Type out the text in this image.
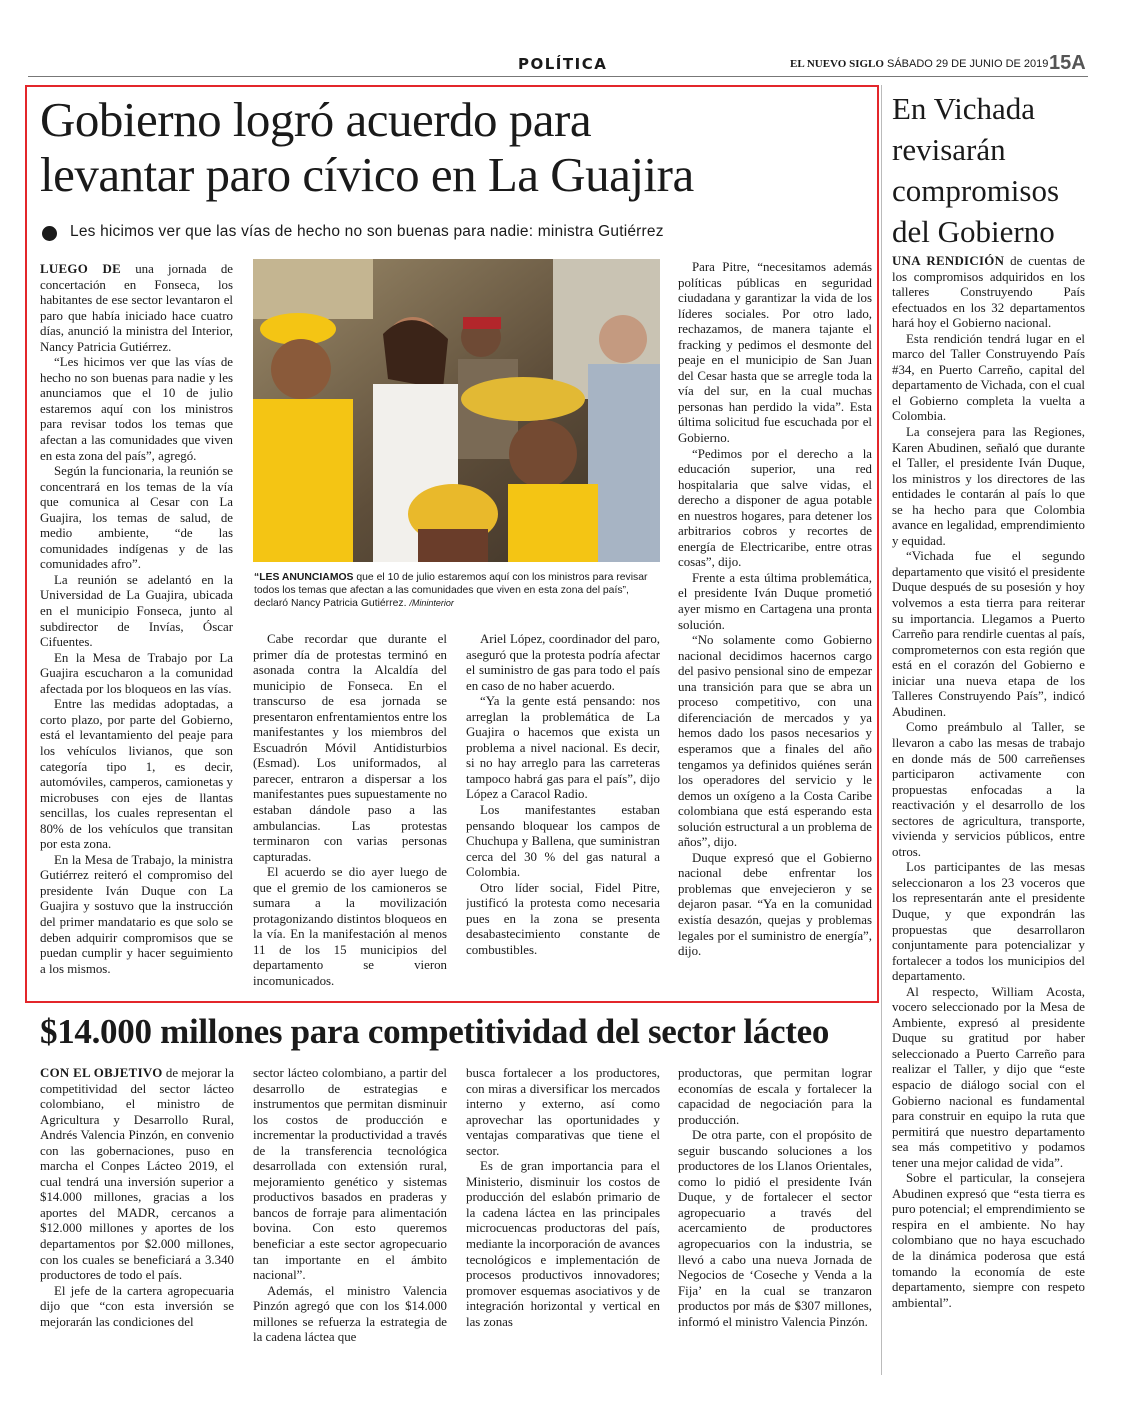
POLÍTICA	EL NUEVO SIGLO SÁBADO 29 DE JUNIO DE 2019 15A
Gobierno logró acuerdo para
levantar paro cívico en La Guajira
Les hicimos ver que las vías de hecho no son buenas para nadie: ministra Gutiérrez

LUEGO DE una jornada de concertación en Fonseca, los habitantes de ese sector levantaron el paro que había iniciado hace cuatro días, anunció la ministra del Interior, Nancy Patricia Gutiérrez.

“Les hicimos ver que las vías de hecho no son buenas para nadie y les anunciamos que el 10 de julio estaremos aquí con los ministros para revisar todos los temas que afectan a las comunidades que viven en esta zona del país”, agregó.

Según la funcionaria, la reunión se concentrará en los temas de la vía que comunica al Cesar con La Guajira, los temas de salud, de medio ambiente, “de las comunidades indígenas y de las comunidades afro”.

La reunión se adelantó en la Universidad de La Guajira, ubicada en el municipio Fonseca, junto al subdirector de Invías, Óscar Cifuentes.

En la Mesa de Trabajo por La Guajira escucharon a la comunidad afectada por los bloqueos en las vías.

Entre las medidas adoptadas, a corto plazo, por parte del Gobierno, está el levantamiento del peaje para los vehículos livianos, que son categoría tipo 1, es decir, automóviles, camperos, camionetas y microbuses con ejes de llantas sencillas, los cuales representan el 80% de los vehículos que transitan por esta zona.

En la Mesa de Trabajo, la ministra Gutiérrez reiteró el compromiso del presidente Iván Duque con La Guajira y sostuvo que la instrucción del primer mandatario es que solo se deben adquirir compromisos que se puedan cumplir y hacer seguimiento a los mismos.

“LES ANUNCIAMOS que el 10 de julio estaremos aquí con los ministros para revisar todos los temas que afectan a las comunidades que viven en esta zona del país”, declaró Nancy Patricia Gutiérrez. /Mininterior

Cabe recordar que durante el primer día de protestas terminó en asonada contra la Alcaldía del municipio de Fonseca. En el transcurso de esa jornada se presentaron enfrentamientos entre los manifestantes y los miembros del Escuadrón Móvil Antidisturbios (Esmad). Los uniformados, al parecer, entraron a dispersar a los manifestantes pues supuestamente no estaban dándole paso a las ambulancias. Las protestas terminaron con varias personas capturadas.

El acuerdo se dio ayer luego de que el gremio de los camioneros se sumara a la movilización protagonizando distintos bloqueos en la vía. En la manifestación al menos 11 de los 15 municipios del departamento se vieron incomunicados.

Ariel López, coordinador del paro, aseguró que la protesta podría afectar el suministro de gas para todo el país en caso de no haber acuerdo.

“Ya la gente está pensando: nos arreglan la problemática de La Guajira o hacemos que exista un problema a nivel nacional. Es decir, si no hay arreglo para las carreteras tampoco habrá gas para el país”, dijo López a Caracol Radio.

Los manifestantes estaban pensando bloquear los campos de Chuchupa y Ballena, que suministran cerca del 30 % del gas natural a Colombia.

Otro líder social, Fidel Pitre, justificó la protesta como necesaria pues en la zona se presenta desabastecimiento constante de combustibles.

Para Pitre, “necesitamos además políticas públicas en seguridad ciudadana y garantizar la vida de los líderes sociales. Por otro lado, rechazamos, de manera tajante el fracking y pedimos el desmonte del peaje en el municipio de San Juan del Cesar hasta que se arregle toda la vía del sur, en la cual muchas personas han perdido la vida”. Esta última solicitud fue escuchada por el Gobierno.

“Pedimos por el derecho a la educación superior, una red hospitalaria que salve vidas, el derecho a disponer de agua potable en nuestros hogares, para detener los arbitrarios cobros y recortes de energía de Electricaribe, entre otras cosas”, dijo.

Frente a esta última problemática, el presidente Iván Duque prometió ayer mismo en Cartagena una pronta solución.

“No solamente como Gobierno nacional decidimos hacernos cargo del pasivo pensional sino de empezar una transición para que se abra un proceso competitivo, con una diferenciación de mercados y ya hemos dado los pasos necesarios y esperamos que a finales del año tengamos ya definidos quiénes serán los operadores del servicio y le demos un oxígeno a la Costa Caribe colombiana que está esperando esta solución estructural a un problema de años”, dijo.

Duque expresó que el Gobierno nacional debe enfrentar los problemas que envejecieron y se dejaron pasar. “Ya en la comunidad existía desazón, quejas y problemas legales por el suministro de energía”, dijo.

En Vichada
revisarán
compromisos
del Gobierno

UNA RENDICIÓN de cuentas de los compromisos adquiridos en los talleres Construyendo País efectuados en los 32 departamentos hará hoy el Gobierno nacional.

Esta rendición tendrá lugar en el marco del Taller Construyendo País #34, en Puerto Carreño, capital del departamento de Vichada, con el cual el Gobierno completa la vuelta a Colombia.

La consejera para las Regiones, Karen Abudinen, señaló que durante el Taller, el presidente Iván Duque, los ministros y los directores de las entidades le contarán al país lo que se ha hecho para que Colombia avance en legalidad, emprendimiento y equidad.

“Vichada fue el segundo departamento que visitó el presidente Duque después de su posesión y hoy volvemos a esta tierra para reiterar su importancia. Llegamos a Puerto Carreño para rendirle cuentas al país, comprometernos con esta región que está en el corazón del Gobierno e iniciar una nueva etapa de los Talleres Construyendo País”, indicó Abudinen.

Como preámbulo al Taller, se llevaron a cabo las mesas de trabajo en donde más de 500 carreñenses participaron activamente con propuestas enfocadas a la reactivación y el desarrollo de los sectores de agricultura, transporte, vivienda y servicios públicos, entre otros.

Los participantes de las mesas seleccionaron a los 23 voceros que los representarán ante el presidente Duque, y que expondrán las propuestas que desarrollaron conjuntamente para potencializar y fortalecer a todos los municipios del departamento.

Al respecto, William Acosta, vocero seleccionado por la Mesa de Ambiente, expresó al presidente Duque su gratitud por haber seleccionado a Puerto Carreño para realizar el Taller, y dijo que “este espacio de diálogo social con el Gobierno nacional es fundamental para construir en equipo la ruta que permitirá que nuestro departamento sea más competitivo y podamos tener una mejor calidad de vida”.

Sobre el particular, la consejera Abudinen expresó que “esta tierra es puro potencial; el emprendimiento se respira en el ambiente. No hay colombiano que no haya escuchado de la dinámica poderosa que está tomando la economía de este departamento, siempre con respeto ambiental”.

$14.000 millones para competitividad del sector lácteo

CON EL OBJETIVO de mejorar la competitividad del sector lácteo colombiano, el ministro de Agricultura y Desarrollo Rural, Andrés Valencia Pinzón, en convenio con las gobernaciones, puso en marcha el Conpes Lácteo 2019, el cual tendrá una inversión superior a $14.000 millones, gracias a los aportes del MADR, cercanos a $12.000 millones y aportes de los departamentos por $2.000 millones, con los cuales se beneficiará a 3.340 productores de todo el país.

El jefe de la cartera agropecuaria dijo que “con esta inversión se mejorarán las condiciones del

sector lácteo colombiano, a partir del desarrollo de estrategias e instrumentos que permitan disminuir los costos de producción e incrementar la productividad a través de la transferencia tecnológica desarrollada con extensión rural, mejoramiento genético y sistemas productivos basados en praderas y bancos de forraje para alimentación bovina. Con esto queremos beneficiar a este sector agropecuario tan importante en el ámbito nacional”.

Además, el ministro Valencia Pinzón agregó que con los $14.000 millones se refuerza la estrategia de la cadena láctea que

busca fortalecer a los productores, con miras a diversificar los mercados interno y externo, así como aprovechar las oportunidades y ventajas comparativas que tiene el sector.

Es de gran importancia para el Ministerio, disminuir los costos de producción del eslabón primario de la cadena láctea en las principales microcuencas productoras del país, mediante la incorporación de avances tecnológicos e implementación de procesos productivos innovadores; promover esquemas asociativos y de integración horizontal y vertical en las zonas

productoras, que permitan lograr economías de escala y fortalecer la capacidad de negociación para la producción.

De otra parte, con el propósito de seguir buscando soluciones a los productores de los Llanos Orientales, como lo pidió el presidente Iván Duque, y de fortalecer el sector agropecuario a través del acercamiento de productores agropecuarios con la industria, se llevó a cabo una nueva Jornada de Negocios de ‘Coseche y Venda a la Fija’ en la cual se tranzaron productos por más de $307 millones, informó el ministro Valencia Pinzón.
